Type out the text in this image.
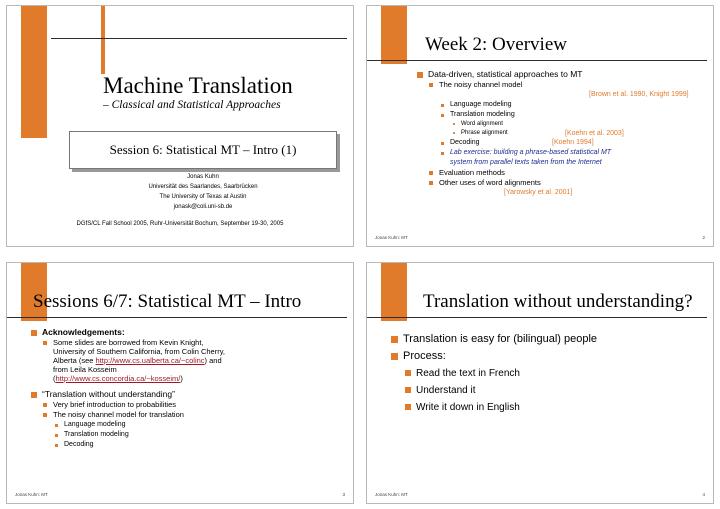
Machine Translation
– Classical and Statistical Approaches
Session 6: Statistical MT – Intro (1)
Jonas Kuhn
Universität des Saarlandes, Saarbrücken
The University of Texas at Austin
jonask@coli.uni-sb.de
DGfS/CL Fall School 2005, Ruhr-Universität Bochum, September 19-30, 2005
Week 2: Overview
Data-driven, statistical approaches to MT
The noisy channel model
[Brown et al. 1990, Knight 1999]
Language modeling
Translation modeling
Word alignment
Phrase alignment	[Koehn et al. 2003]
Decoding	[Koehn 1994]
Lab exercise: building a phrase-based statistical MT
system from parallel texts taken from the Internet
Evaluation methods
Other uses of word alignments
[Yarowsky et al. 2001]
Jonas Kuhn: MT	2
Sessions 6/7: Statistical MT – Intro
Acknowledgements:
Some slides are borrowed from Kevin Knight,
University of Southern California, from Colin Cherry,
Alberta (see http://www.cs.ualberta.ca/~colinc) and
from Leila Kosseim
(http://www.cs.concordia.ca/~kosseim/)
“Translation without understanding”
Very brief introduction to probabilities
The noisy channel model for translation
Language modeling
Translation modeling
Decoding
Jonas Kuhn: MT	3
Translation without understanding?
Translation is easy for (bilingual) people
Process:
Read the text in French
Understand it
Write it down in English
Jonas Kuhn: MT	4
